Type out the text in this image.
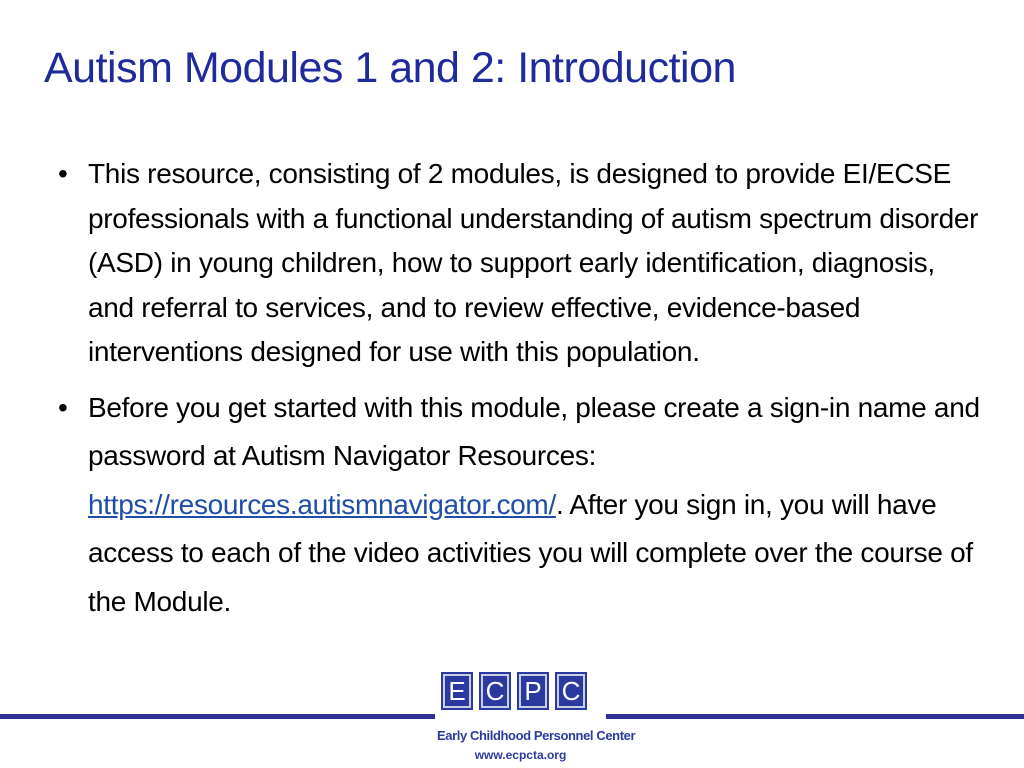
Autism Modules 1 and 2: Introduction
• This resource, consisting of 2 modules, is designed to provide EI/ECSE professionals with a functional understanding of autism spectrum disorder (ASD) in young children, how to support early identification, diagnosis, and referral to services, and to review effective, evidence-based interventions designed for use with this population.
• Before you get started with this module, please create a sign-in name and password at Autism Navigator Resources: https://resources.autismnavigator.com/. After you sign in, you will have access to each of the video activities you will complete over the course of the Module.
E C P C
Early Childhood Personnel Center
www.ecpcta.org
